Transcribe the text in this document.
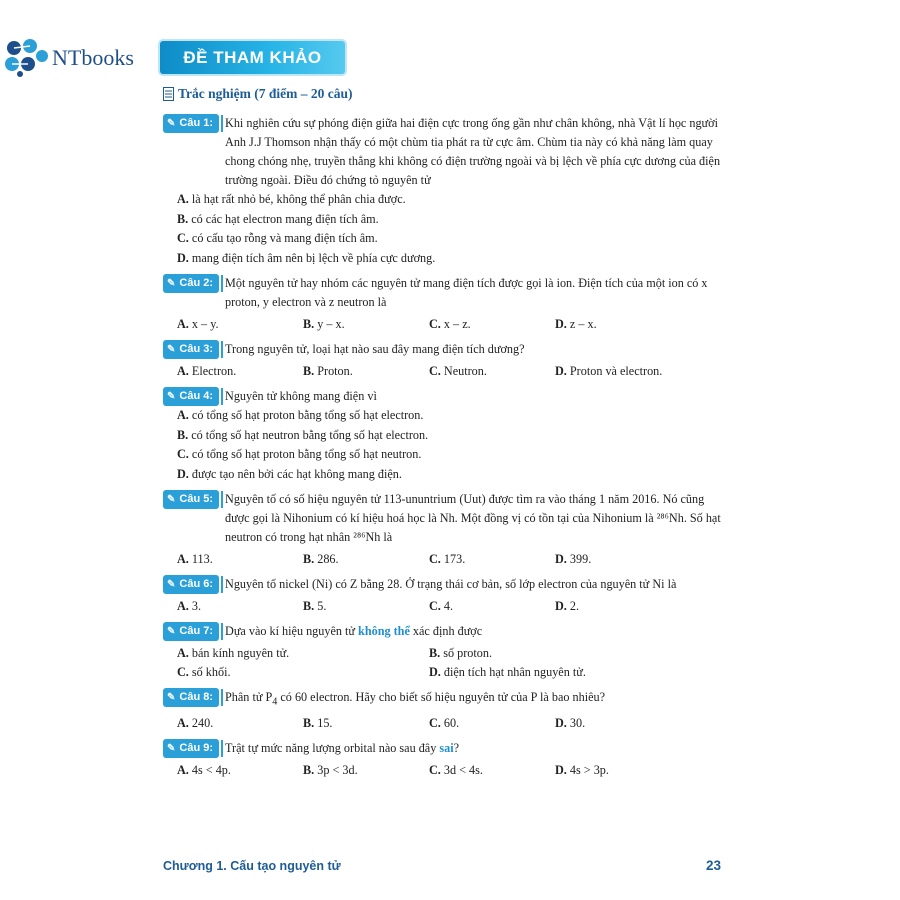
NTbooks	ĐỀ THAM KHẢO
Trắc nghiệm (7 điểm – 20 câu)
✎ Câu 1: Khi nghiên cứu sự phóng điện giữa hai điện cực trong ống gần như chân không, nhà Vật lí học người Anh J.J Thomson nhận thấy có một chùm tia phát ra từ cực âm. Chùm tia này có khả năng làm quay chong chóng nhẹ, truyền thẳng khi không có điện trường ngoài và bị lệch về phía cực dương của điện trường ngoài. Điều đó chứng tỏ nguyên tử
A. là hạt rất nhỏ bé, không thể phân chia được.
B. có các hạt electron mang điện tích âm.
C. có cấu tạo rỗng và mang điện tích âm.
D. mang điện tích âm nên bị lệch về phía cực dương.
✎ Câu 2: Một nguyên tử hay nhóm các nguyên tử mang điện tích được gọi là ion. Điện tích của một ion có x proton, y electron và z neutron là
A. x – y.	B. y – x.	C. x – z.	D. z – x.
✎ Câu 3: Trong nguyên tử, loại hạt nào sau đây mang điện tích dương?
A. Electron.	B. Proton.	C. Neutron.	D. Proton và electron.
✎ Câu 4: Nguyên tử không mang điện vì
A. có tổng số hạt proton bằng tổng số hạt electron.
B. có tổng số hạt neutron bằng tổng số hạt electron.
C. có tổng số hạt proton bằng tổng số hạt neutron.
D. được tạo nên bởi các hạt không mang điện.
✎ Câu 5: Nguyên tố có số hiệu nguyên tử 113-ununtrium (Uut) được tìm ra vào tháng 1 năm 2016. Nó cũng được gọi là Nihonium có kí hiệu hoá học là Nh. Một đồng vị có tồn tại của Nihonium là ²⁸⁶Nh. Số hạt neutron có trong hạt nhân ²⁸⁶Nh là
A. 113.	B. 286.	C. 173.	D. 399.
✎ Câu 6: Nguyên tố nickel (Ni) có Z bằng 28. Ở trạng thái cơ bản, số lớp electron của nguyên tử Ni là
A. 3.	B. 5.	C. 4.	D. 2.
✎ Câu 7: Dựa vào kí hiệu nguyên tử không thể xác định được
A. bán kính nguyên tử.	B. số proton.
C. số khối.	D. điện tích hạt nhân nguyên tử.
✎ Câu 8: Phân tử $P_4$ có 60 electron. Hãy cho biết số hiệu nguyên tử của P là bao nhiêu?
A. 240.	B. 15.	C. 60.	D. 30.
✎ Câu 9: Trật tự mức năng lượng orbital nào sau đây sai?
A. 4s < 4p.	B. 3p < 3d.	C. 3d < 4s.	D. 4s > 3p.
Chương 1. Cấu tạo nguyên tử	23
